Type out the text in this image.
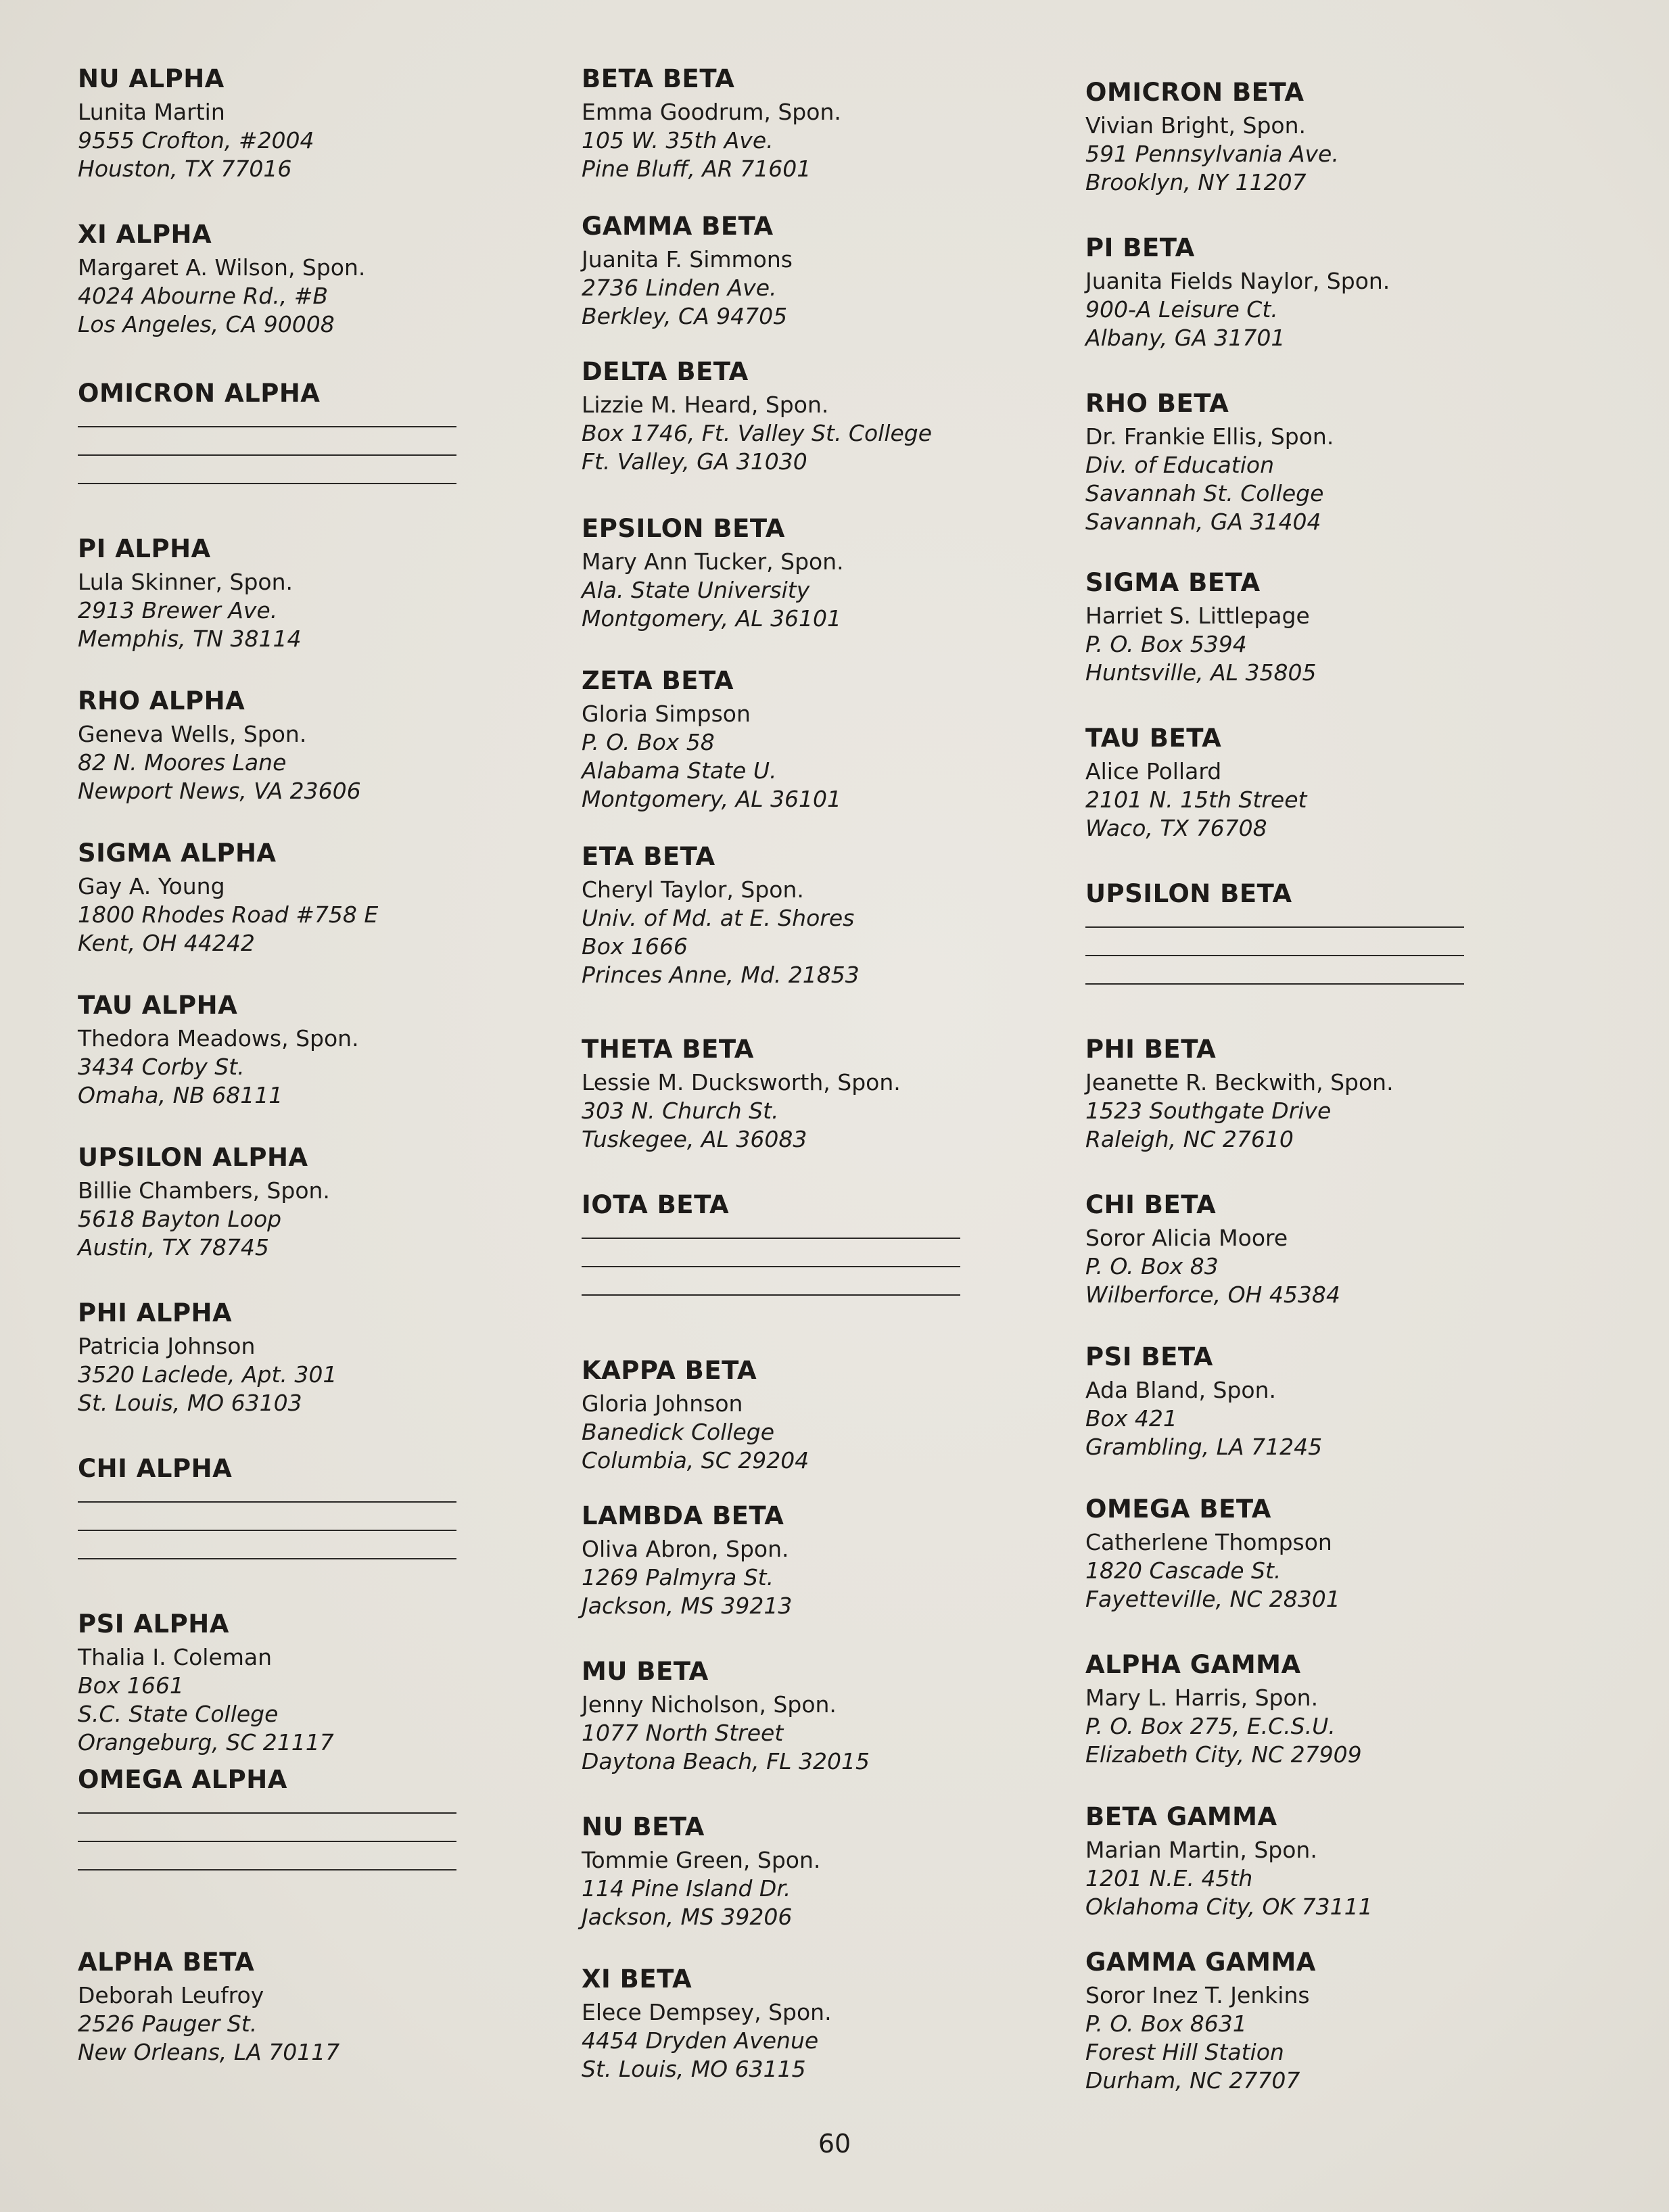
NU ALPHA
Lunita Martin
9555 Crofton, #2004
Houston, TX 77016
XI ALPHA
Margaret A. Wilson, Spon.
4024 Abourne Rd., #B
Los Angeles, CA 90008
OMICRON ALPHA
PI ALPHA
Lula Skinner, Spon.
2913 Brewer Ave.
Memphis, TN 38114
RHO ALPHA
Geneva Wells, Spon.
82 N. Moores Lane
Newport News, VA 23606
SIGMA ALPHA
Gay A. Young
1800 Rhodes Road #758 E
Kent, OH 44242
TAU ALPHA
Thedora Meadows, Spon.
3434 Corby St.
Omaha, NB 68111
UPSILON ALPHA
Billie Chambers, Spon.
5618 Bayton Loop
Austin, TX 78745
PHI ALPHA
Patricia Johnson
3520 Laclede, Apt. 301
St. Louis, MO 63103
CHI ALPHA
PSI ALPHA
Thalia I. Coleman
Box 1661
S.C. State College
Orangeburg, SC 21117
OMEGA ALPHA
ALPHA BETA
Deborah Leufroy
2526 Pauger St.
New Orleans, LA 70117
BETA BETA
Emma Goodrum, Spon.
105 W. 35th Ave.
Pine Bluff, AR 71601
GAMMA BETA
Juanita F. Simmons
2736 Linden Ave.
Berkley, CA 94705
DELTA BETA
Lizzie M. Heard, Spon.
Box 1746, Ft. Valley St. College
Ft. Valley, GA 31030
EPSILON BETA
Mary Ann Tucker, Spon.
Ala. State University
Montgomery, AL 36101
ZETA BETA
Gloria Simpson
P. O. Box 58
Alabama State U.
Montgomery, AL 36101
ETA BETA
Cheryl Taylor, Spon.
Univ. of Md. at E. Shores
Box 1666
Princes Anne, Md. 21853
THETA BETA
Lessie M. Ducksworth, Spon.
303 N. Church St.
Tuskegee, AL 36083
IOTA BETA
KAPPA BETA
Gloria Johnson
Banedick College
Columbia, SC 29204
LAMBDA BETA
Oliva Abron, Spon.
1269 Palmyra St.
Jackson, MS 39213
MU BETA
Jenny Nicholson, Spon.
1077 North Street
Daytona Beach, FL 32015
NU BETA
Tommie Green, Spon.
114 Pine Island Dr.
Jackson, MS 39206
XI BETA
Elece Dempsey, Spon.
4454 Dryden Avenue
St. Louis, MO 63115
OMICRON BETA
Vivian Bright, Spon.
591 Pennsylvania Ave.
Brooklyn, NY 11207
PI BETA
Juanita Fields Naylor, Spon.
900-A Leisure Ct.
Albany, GA 31701
RHO BETA
Dr. Frankie Ellis, Spon.
Div. of Education
Savannah St. College
Savannah, GA 31404
SIGMA BETA
Harriet S. Littlepage
P. O. Box 5394
Huntsville, AL 35805
TAU BETA
Alice Pollard
2101 N. 15th Street
Waco, TX 76708
UPSILON BETA
PHI BETA
Jeanette R. Beckwith, Spon.
1523 Southgate Drive
Raleigh, NC 27610
CHI BETA
Soror Alicia Moore
P. O. Box 83
Wilberforce, OH 45384
PSI BETA
Ada Bland, Spon.
Box 421
Grambling, LA 71245
OMEGA BETA
Catherlene Thompson
1820 Cascade St.
Fayetteville, NC 28301
ALPHA GAMMA
Mary L. Harris, Spon.
P. O. Box 275, E.C.S.U.
Elizabeth City, NC 27909
BETA GAMMA
Marian Martin, Spon.
1201 N.E. 45th
Oklahoma City, OK 73111
GAMMA GAMMA
Soror Inez T. Jenkins
P. O. Box 8631
Forest Hill Station
Durham, NC 27707
60
